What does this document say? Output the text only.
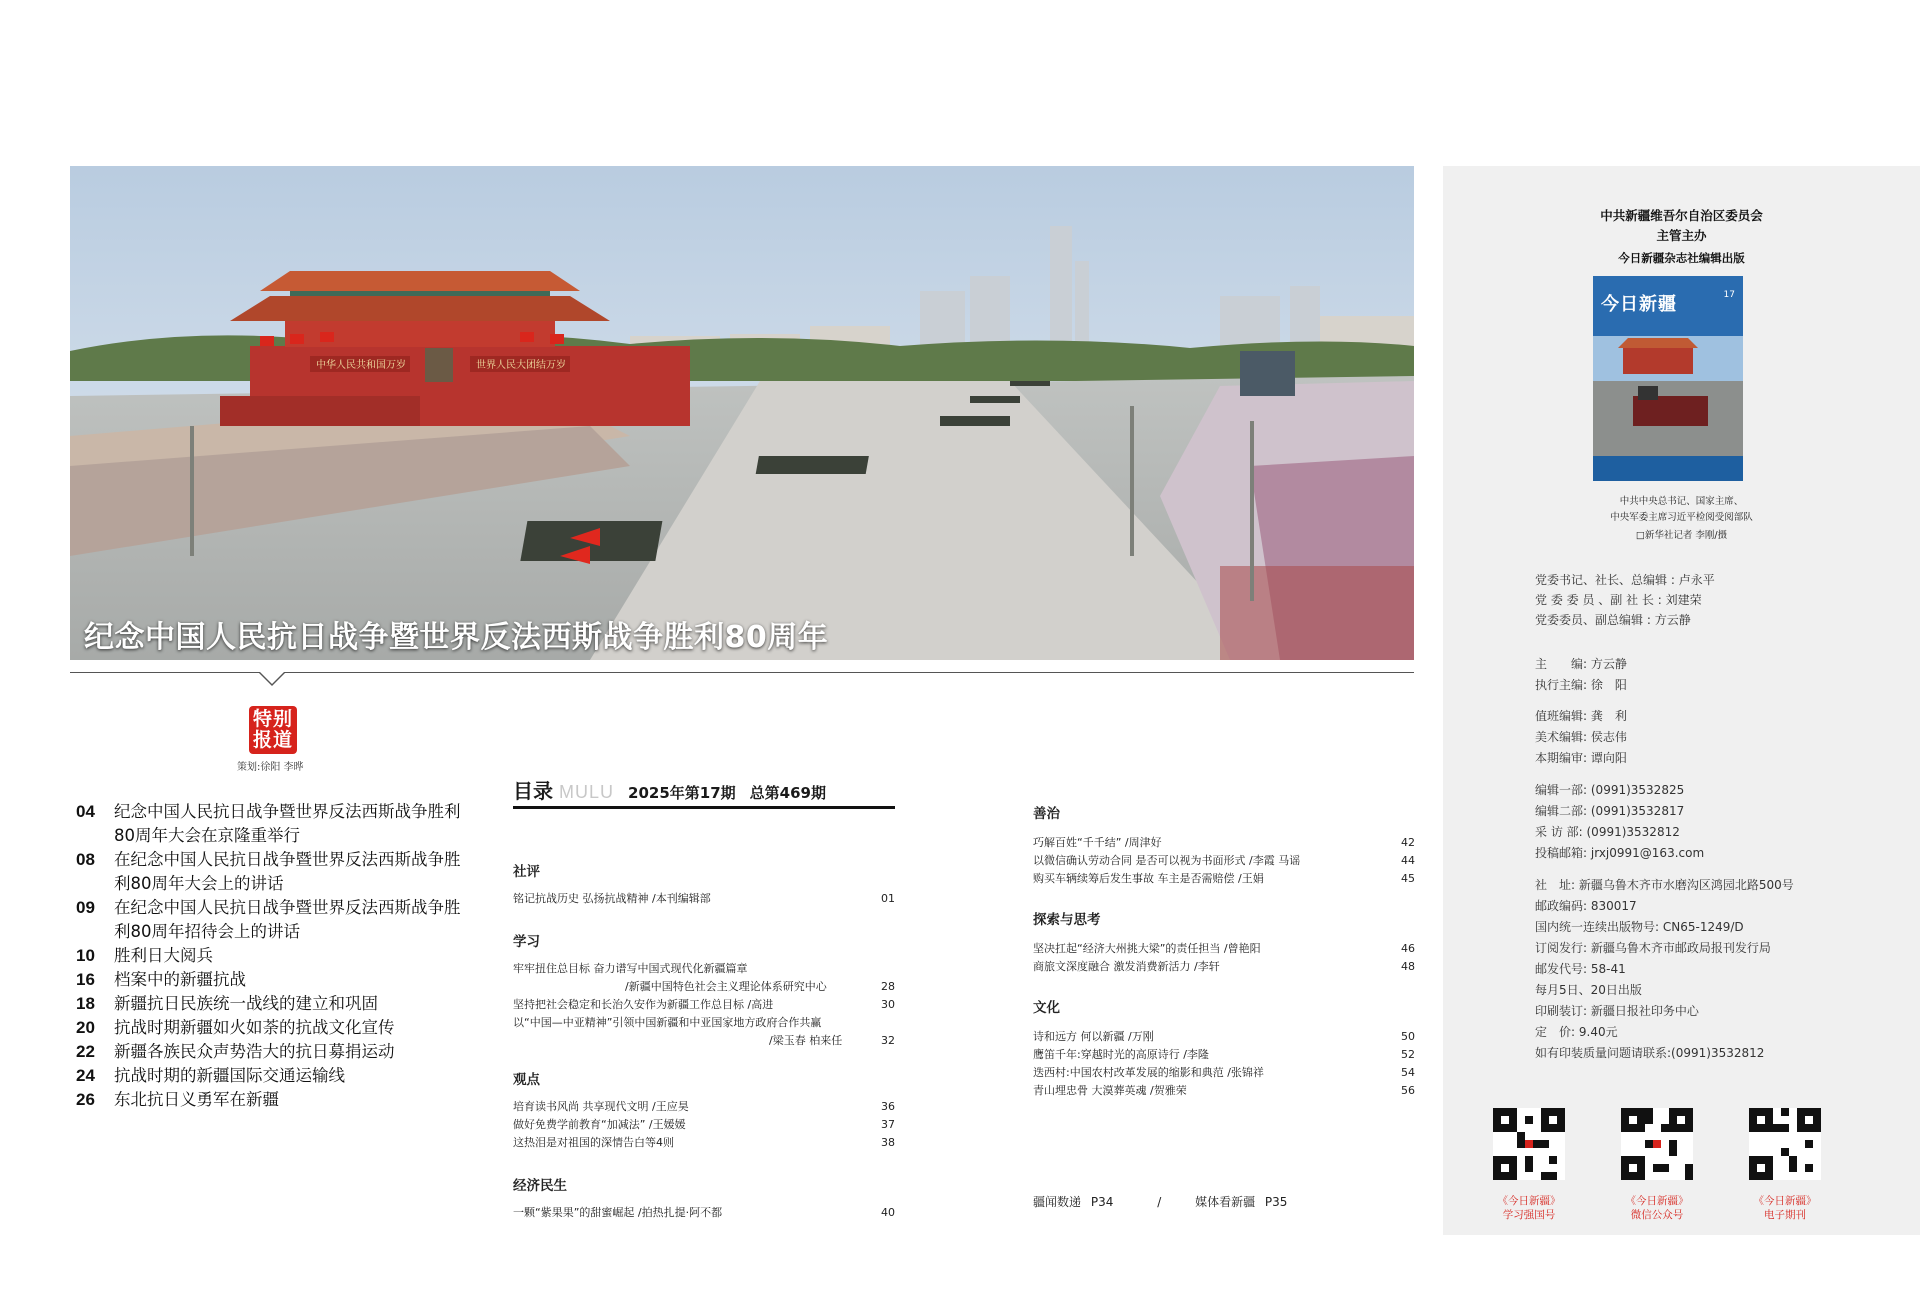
中华人民共和国万岁	世界人民大团结万岁
纪念中国人民抗日战争暨世界反法西斯战争胜利80周年
特别
报道
策划:徐阳 李晔
04	纪念中国人民抗日战争暨世界反法西斯战争胜利80周年大会在京隆重举行
08	在纪念中国人民抗日战争暨世界反法西斯战争胜利80周年大会上的讲话
09	在纪念中国人民抗日战争暨世界反法西斯战争胜利80周年招待会上的讲话
10	胜利日大阅兵
16	档案中的新疆抗战
18	新疆抗日民族统一战线的建立和巩固
20	抗战时期新疆如火如荼的抗战文化宣传
22	新疆各族民众声势浩大的抗日募捐运动
24	抗战时期的新疆国际交通运输线
26	东北抗日义勇军在新疆
目录 MULU 2025年第17期 总第469期
社评
铭记抗战历史 弘扬抗战精神 /本刊编辑部	01
学习
牢牢扭住总目标 奋力谱写中国式现代化新疆篇章
/新疆中国特色社会主义理论体系研究中心	28
坚持把社会稳定和长治久安作为新疆工作总目标 /高进	30
以“中国—中亚精神”引领中国新疆和中亚国家地方政府合作共赢
/梁玉春 柏来任	32
观点
培育读书风尚 共享现代文明 /王应昊	36
做好免费学前教育“加减法” /王媛媛	37
这热泪是对祖国的深情告白等4则	38
经济民生
一颗“紫果果”的甜蜜崛起 /拍热扎提·阿不都	40
善治
巧解百姓“千千结” /周津好	42
以微信确认劳动合同 是否可以视为书面形式 /李霞 马谣	44
购买车辆续筹后发生事故 车主是否需赔偿 /王娟	45
探索与思考
坚决扛起“经济大州挑大梁”的责任担当 /曾艳阳	46
商旅文深度融合 激发消费新活力 /李轩	48
文化
诗和远方 何以新疆 /万刚	50
鹰笛千年:穿越时光的高原诗行 /李隆	52
迭西村:中国农村改革发展的缩影和典范 /张锦祥	54
青山埋忠骨 大漠葬英魂 /贺雅荣	56
疆闻数递 P34	/	媒体看新疆 P35
中共新疆维吾尔自治区委员会
主管主办
今日新疆杂志社编辑出版
今日新疆	17
中共中央总书记、国家主席、
中央军委主席习近平检阅受阅部队
□新华社记者 李刚/摄
党委书记、社长、总编辑 : 卢永平
党 委 委 员 、副 社 长 : 刘建荣
党委委员、副总编辑 : 方云静
主　　编: 方云静
执行主编: 徐　阳
值班编辑: 龚　利
美术编辑: 侯志伟
本期编审: 谭向阳
编辑一部: (0991)3532825
编辑二部: (0991)3532817
采 访 部: (0991)3532812
投稿邮箱: jrxj0991@163.com
社　址: 新疆乌鲁木齐市水磨沟区鸿园北路500号
邮政编码: 830017
国内统一连续出版物号: CN65-1249/D
订阅发行: 新疆乌鲁木齐市邮政局报刊发行局
邮发代号: 58-41
每月5日、20日出版
印刷装订: 新疆日报社印务中心
定　价: 9.40元
如有印装质量问题请联系:(0991)3532812
《今日新疆》
学习强国号
《今日新疆》
微信公众号
《今日新疆》
电子期刊
